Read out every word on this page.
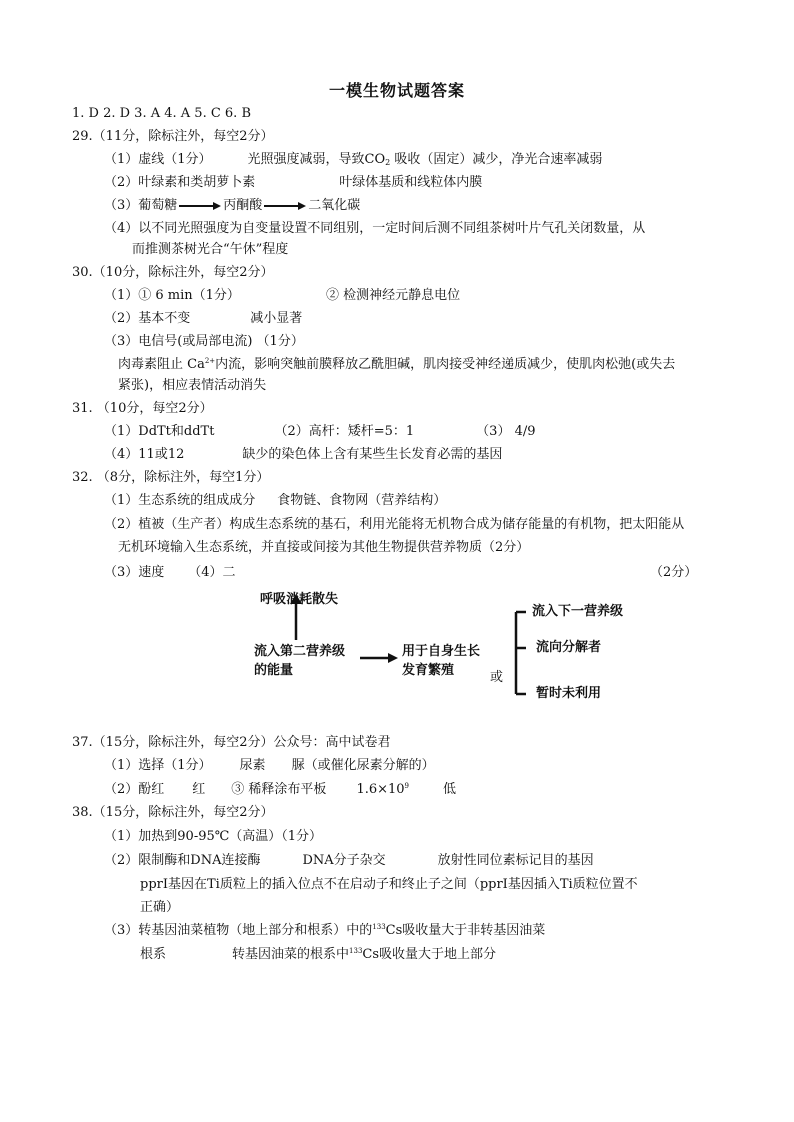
一模生物试题答案
1. D 2. D 3. A 4. A 5. C 6. B
29.（11分，除标注外，每空2分）
（1）虚线（1分）	光照强度减弱，导致$CO_2$ 吸收（固定）减少，净光合速率减弱
（2）叶绿素和类胡萝卜素	叶绿体基质和线粒体内膜
（3）葡萄糖	丙酮酸	二氧化碳
（4）以不同光照强度为自变量设置不同组别，一定时间后测不同组茶树叶片气孔关闭数量，从
而推测茶树光合“午休”程度
30.（10分，除标注外，每空2分）
（1）① 6 min（1分）	② 检测神经元静息电位
（2）基本不变	减小显著
（3）电信号(或局部电流) （1分）
肉毒素阻止 $Ca^{2+}$内流，影响突触前膜释放乙酰胆碱，肌肉接受神经递质减少，使肌肉松弛(或失去
紧张)，相应表情活动消失
31. （10分，每空2分）
（1）DdTt和ddTt	（2）高杆：矮杆=5：1	（3） 4/9
（4）11或12	缺少的染色体上含有某些生长发育必需的基因
32. （8分，除标注外，每空1分）
（1）生态系统的组成成分 食物链、食物网（营养结构）
（2）植被（生产者）构成生态系统的基石，利用光能将无机物合成为储存能量的有机物，把太阳能从
无机环境输入生态系统，并直接或间接为其他生物提供营养物质（2分）
（3）速度 （4）二	（2分）
呼吸消耗散失
流入第二营养级
的能量
用于自身生长
发育繁殖	或
流入下一营养级
流向分解者
暂时未利用
37.（15分，除标注外，每空2分）公众号：高中试卷君
（1）选择（1分） 尿素 脲（或催化尿素分解的）
（2）酚红 红 ③ 稀释涂布平板 $1.6\times 10^9$	低
38.（15分，除标注外，每空2分）
（1）加热到90-95℃（高温）（1分）
（2）限制酶和DNA连接酶	DNA分子杂交	放射性同位素标记目的基因
pprⅠ基因在Ti质粒上的插入位点不在启动子和终止子之间（pprⅠ基因插入Ti质粒位置不
正确）
（3）转基因油菜植物（地上部分和根系）中的$^{133}$Cs吸收量大于非转基因油菜
根系	转基因油菜的根系中$^{133}$Cs吸收量大于地上部分
